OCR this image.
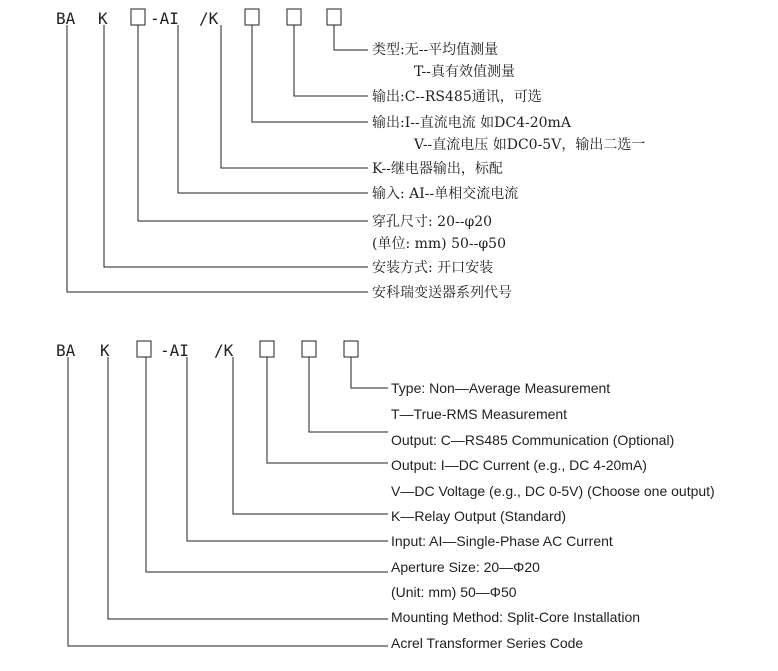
BA K	-AI /K
类型:无--平均值测量
T--真有效值测量
输出:C--RS485通讯，可选
输出:I--直流电流 如DC4-20mA
V--直流电压 如DC0-5V，输出二选一
K--继电器输出，标配
输入: AI--单相交流电流
穿孔尺寸: 20--φ20
(单位: mm) 50--φ50
安装方式: 开口安装
安科瑞变送器系列代号
BA K	-AI /K
Type: Non—Average Measurement
T—True-RMS Measurement
Output: C—RS485 Communication (Optional)
Output: I—DC Current (e.g., DC 4-20mA)
V—DC Voltage (e.g., DC 0-5V) (Choose one output)
K—Relay Output (Standard)
Input: AI—Single-Phase AC Current
Aperture Size: 20—Φ20
(Unit: mm) 50—Φ50
Mounting Method: Split-Core Installation
Acrel Transformer Series Code
